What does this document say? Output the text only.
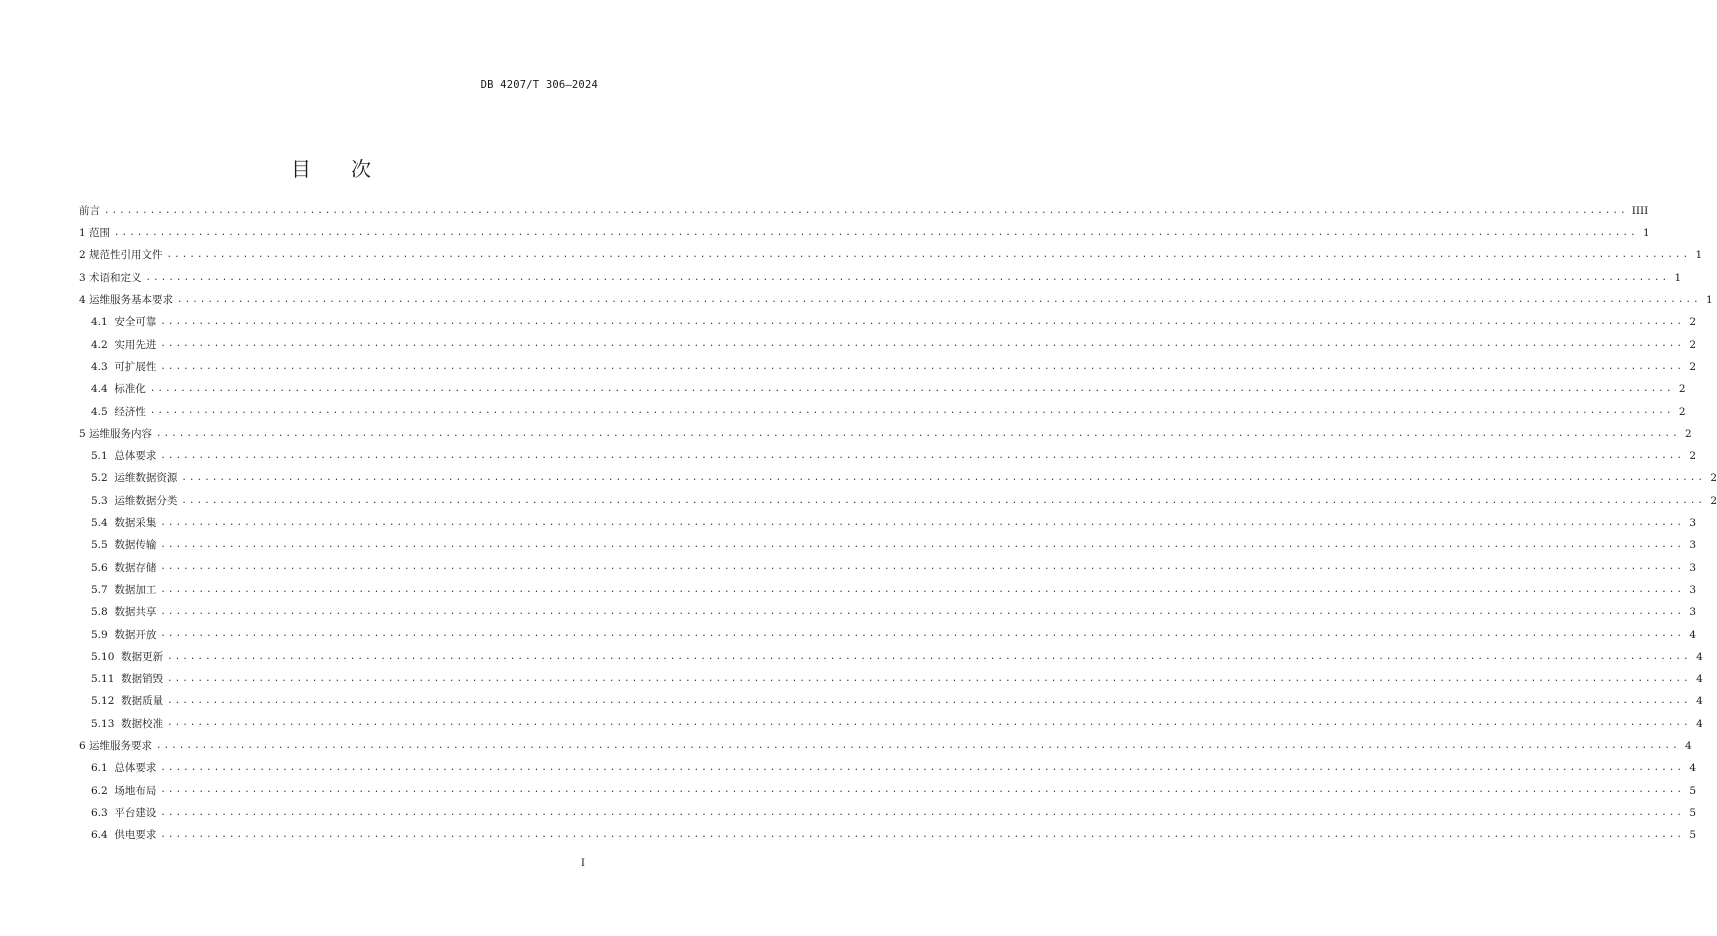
DB 4207/T 306—2024
目 次
前言 ........................................................................................................................................................................................................ IIII
1
范围 ........................................................................................................................................................................................................ 1
2
规范性引用文件 ........................................................................................................................................................................................................ 1
3
术语和定义 ........................................................................................................................................................................................................ 1
4
运维服务基本要求 ........................................................................................................................................................................................................ 1
4.1
安全可靠 ........................................................................................................................................................................................................ 2
4.2
实用先进 ........................................................................................................................................................................................................ 2
4.3
可扩展性 ........................................................................................................................................................................................................ 2
4.4
标准化 ........................................................................................................................................................................................................ 2
4.5
经济性 ........................................................................................................................................................................................................ 2
5
运维服务内容 ........................................................................................................................................................................................................ 2
5.1
总体要求 ........................................................................................................................................................................................................ 2
5.2
运维数据资源 ........................................................................................................................................................................................................ 2
5.3
运维数据分类 ........................................................................................................................................................................................................ 2
5.4
数据采集 ........................................................................................................................................................................................................ 3
5.5
数据传输 ........................................................................................................................................................................................................ 3
5.6
数据存储 ........................................................................................................................................................................................................ 3
5.7
数据加工 ........................................................................................................................................................................................................ 3
5.8
数据共享 ........................................................................................................................................................................................................ 3
5.9
数据开放 ........................................................................................................................................................................................................ 4
5.10
数据更新 ........................................................................................................................................................................................................ 4
5.11
数据销毁 ........................................................................................................................................................................................................ 4
5.12
数据质量 ........................................................................................................................................................................................................ 4
5.13
数据校准 ........................................................................................................................................................................................................ 4
6
运维服务要求 ........................................................................................................................................................................................................ 4
6.1
总体要求 ........................................................................................................................................................................................................ 4
6.2
场地布局 ........................................................................................................................................................................................................ 5
6.3
平台建设 ........................................................................................................................................................................................................ 5
6.4
供电要求 ........................................................................................................................................................................................................ 5
I
